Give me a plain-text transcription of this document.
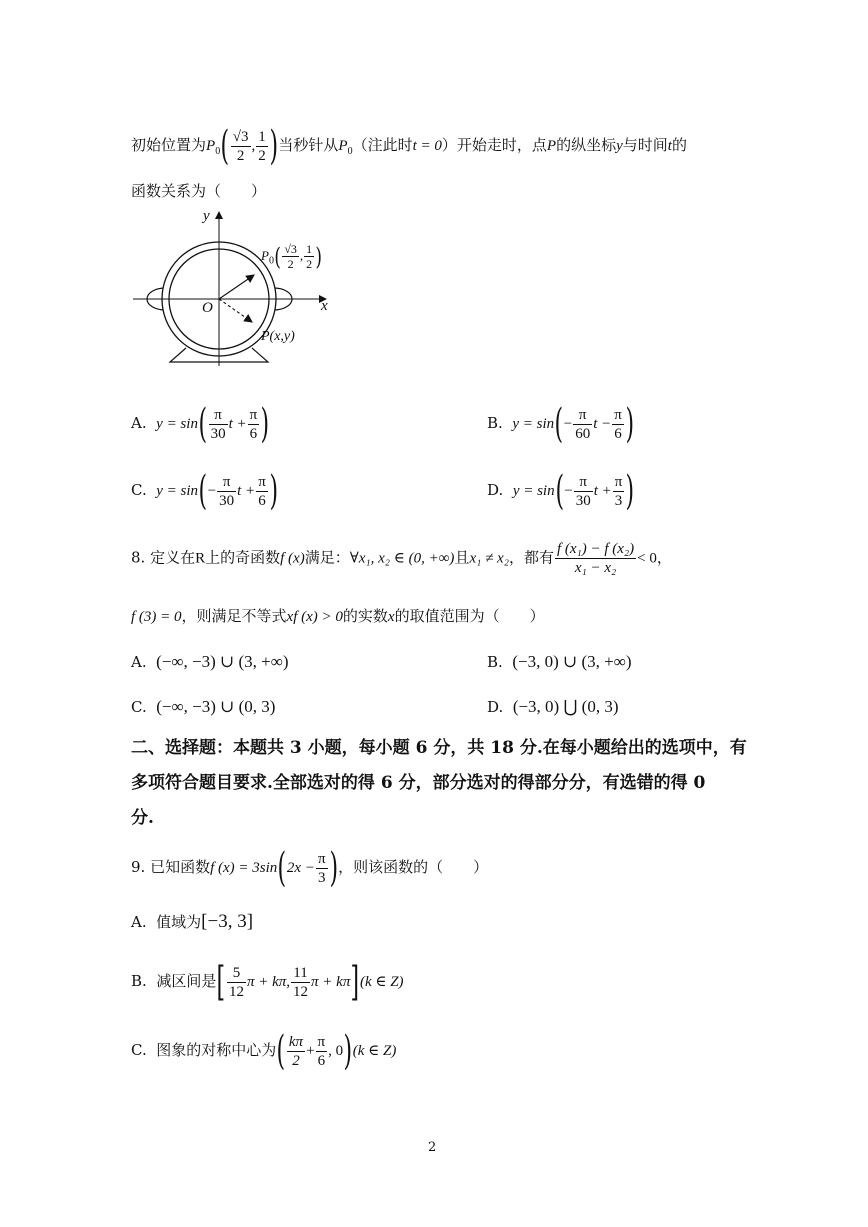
初始位置为$P_0( \frac{√3}{2}$ , $\frac{1}{2}$ )当秒针从$P_0$（注此时t = 0）开始走时，点P的纵坐标y与时间t的
函数关系为（　　）
y
x
O
$P_0( \frac{√3}{2}$ , $\frac{1}{2}$ )
P(x,y)
A. $y = \sin( \frac{\pi}{30}$ $t + \frac{\pi}{6}$ )	B. $y = \sin(- \frac{\pi}{60}$ $t - \frac{\pi}{6}$ )
C. $y = \sin(- \frac{\pi}{30}$ $t + \frac{\pi}{6}$ )	D. $y = \sin(- \frac{\pi}{30}$ $t + \frac{\pi}{3}$ )
8. 定义在R上的奇函数f (x)满足：∀x₁, x₂ ∈ (0, +∞)且x₁ ≠ x₂，都有 $\frac{\text{f (x₁) − f (x₂)}}{\text{x₁ − x₂}} < 0$，
f (3) = 0，则满足不等式xf (x) > 0的实数x的取值范围为（　　）
A. (−∞, −3) ∪ (3, +∞)	B. (−3, 0) ∪ (3, +∞)
C. (−∞, −3) ∪ (0, 3)	D. (−3, 0) ⋃ (0, 3)
二、选择题：本题共 3 小题，每小题 6 分，共 18 分.在每小题给出的选项中，有
多项符合题目要求.全部选对的得 6 分，部分选对的得部分分，有选错的得 0
分.
9. 已知函数f $(x) = 3\sin(2x - \frac{\pi}{3}$ )，则该函数的（　　）
A. 值域为[−3, 3]
B. 减区间是[ $\frac{5}{12}$ π + kπ, $\frac{11}{12}$ π + kπ](k ∈ Z)
C. 图象的对称中心为( $\frac{k\pi}{2} + \frac{\pi}{6}$ , 0)(k ∈ Z)
2
